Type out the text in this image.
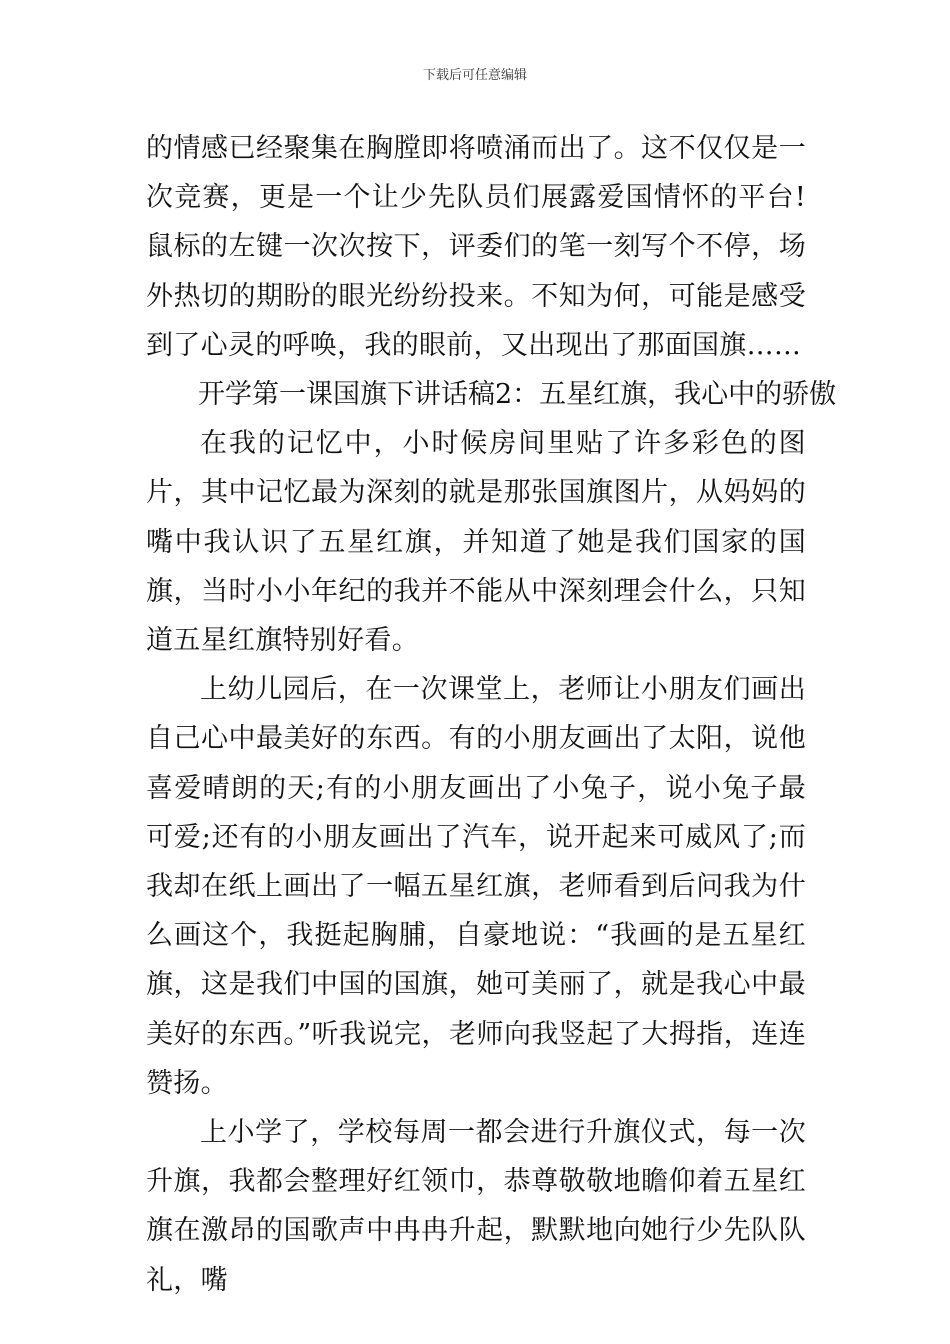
下载后可任意编辑

的情感已经聚集在胸膛即将喷涌而出了。这不仅仅是一次竞赛，更是一个让少先队员们展露爱国情怀的平台!鼠标的左键一次次按下，评委们的笔一刻写个不停，场外热切的期盼的眼光纷纷投来。不知为何，可能是感受到了心灵的呼唤，我的眼前，又出现出了那面国旗……

开学第一课国旗下讲话稿2：五星红旗，我心中的骄傲

在我的记忆中，小时候房间里贴了许多彩色的图片，其中记忆最为深刻的就是那张国旗图片，从妈妈的嘴中我认识了五星红旗，并知道了她是我们国家的国旗，当时小小年纪的我并不能从中深刻理会什么，只知道五星红旗特别好看。

上幼儿园后，在一次课堂上，老师让小朋友们画出自己心中最美好的东西。有的小朋友画出了太阳，说他喜爱晴朗的天;有的小朋友画出了小兔子，说小兔子最可爱;还有的小朋友画出了汽车，说开起来可威风了;而我却在纸上画出了一幅五星红旗，老师看到后问我为什么画这个，我挺起胸脯，自豪地说：“我画的是五星红旗，这是我们中国的国旗，她可美丽了，就是我心中最美好的东西。”听我说完，老师向我竖起了大拇指，连连赞扬。

上小学了，学校每周一都会进行升旗仪式，每一次升旗，我都会整理好红领巾，恭尊敬敬地瞻仰着五星红旗在激昂的国歌声中冉冉升起，默默地向她行少先队队礼，嘴
